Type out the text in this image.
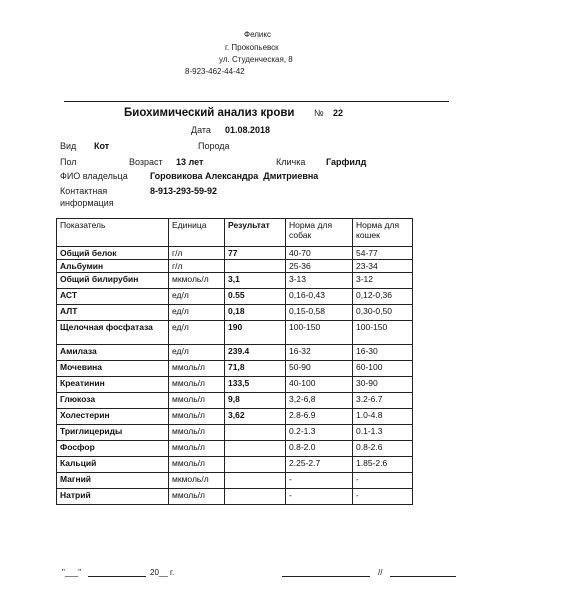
Феликс
г. Прокопьевск
ул. Студенческая, 8
8-923-462-44-42
Биохимический анализ крови № 22
Дата 01.08.2018
Вид Кот	Порода
Пол	Возраст 13 лет	Кличка Гарфилд
ФИО владельца Горовикова Александра  Дмитриевна
Контактная
информация
8-913-293-59-92
Показатель	Единица	Результат	Норма для собак	Норма для кошек
Общий белок	г/л	77	40-70	54-77
Альбумин	г/л		25-36	23-34
Общий билирубин	мкмоль/л	3,1	3-13	3-12
АСТ	ед/л	0.55	0,16-0,43	0,12-0,36
АЛТ	ед/л	0,18	0,15-0,58	0,30-0,50
Щелочная фосфатаза	ед/л	190	100-150	100-150
Амилаза	ед/л	239.4	16-32	16-30
Мочевина	ммоль/л	71,8	50-90	60-100
Креатинин	ммоль/л	133,5	40-100	30-90
Глюкоза	ммоль/л	9,8	3,2-6,8	3.2-6.7
Холестерин	ммоль/л	3,62	2.8-6.9	1.0-4.8
Триглицериды	ммоль/л		0.2-1.3	0.1-1.3
Фосфор	ммоль/л		0.8-2.0	0.8-2.6
Кальций	ммоль/л		2.25-2.7	1.85-2.6
Магний	мкмоль/л		-	-
Натрий	ммоль/л		-	-
"___"	20__ г.	//
